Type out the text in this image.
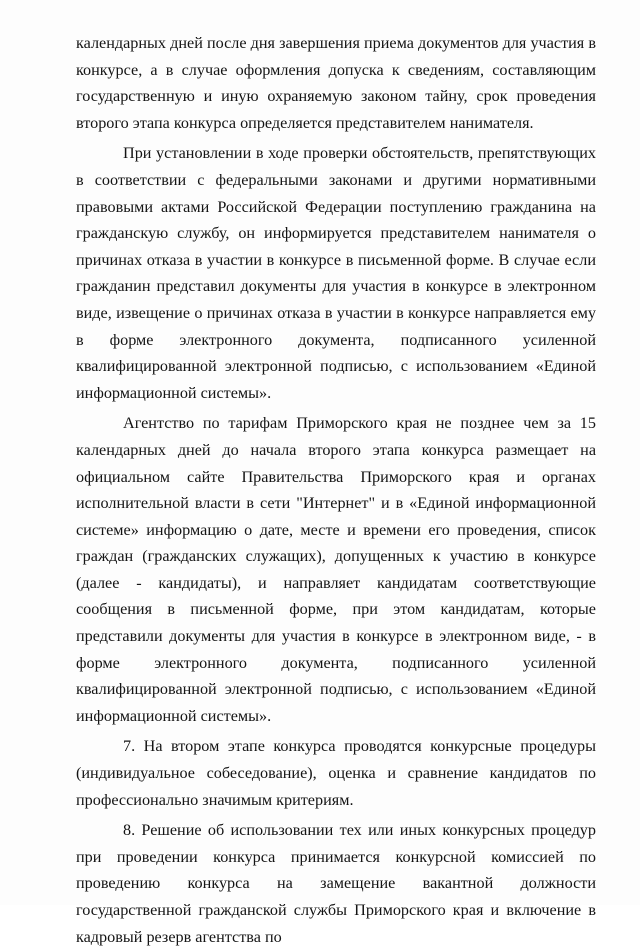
календарных дней после дня завершения приема документов для участия в конкурсе, а в случае оформления допуска к сведениям, составляющим государственную и иную охраняемую законом тайну, срок проведения второго этапа конкурса определяется представителем нанимателя.

При установлении в ходе проверки обстоятельств, препятствующих в соответствии с федеральными законами и другими нормативными правовыми актами Российской Федерации поступлению гражданина на гражданскую службу, он информируется представителем нанимателя о причинах отказа в участии в конкурсе в письменной форме. В случае если гражданин представил документы для участия в конкурсе в электронном виде, извещение о причинах отказа в участии в конкурсе направляется ему в форме электронного документа, подписанного усиленной квалифицированной электронной подписью, с использованием «Единой информационной системы».

Агентство по тарифам Приморского края не позднее чем за 15 календарных дней до начала второго этапа конкурса размещает на официальном сайте Правительства Приморского края и органах исполнительной власти в сети "Интернет" и в «Единой информационной системе» информацию о дате, месте и времени его проведения, список граждан (гражданских служащих), допущенных к участию в конкурсе (далее - кандидаты), и направляет кандидатам соответствующие сообщения в письменной форме, при этом кандидатам, которые представили документы для участия в конкурсе в электронном виде, - в форме электронного документа, подписанного усиленной квалифицированной электронной подписью, с использованием «Единой информационной системы».

7. На втором этапе конкурса проводятся конкурсные процедуры (индивидуальное собеседование), оценка и сравнение кандидатов по профессионально значимым критериям.

8. Решение об использовании тех или иных конкурсных процедур при проведении конкурса принимается конкурсной комиссией по проведению конкурса на замещение вакантной должности государственной гражданской службы Приморского края и включение в кадровый резерв агентства по
